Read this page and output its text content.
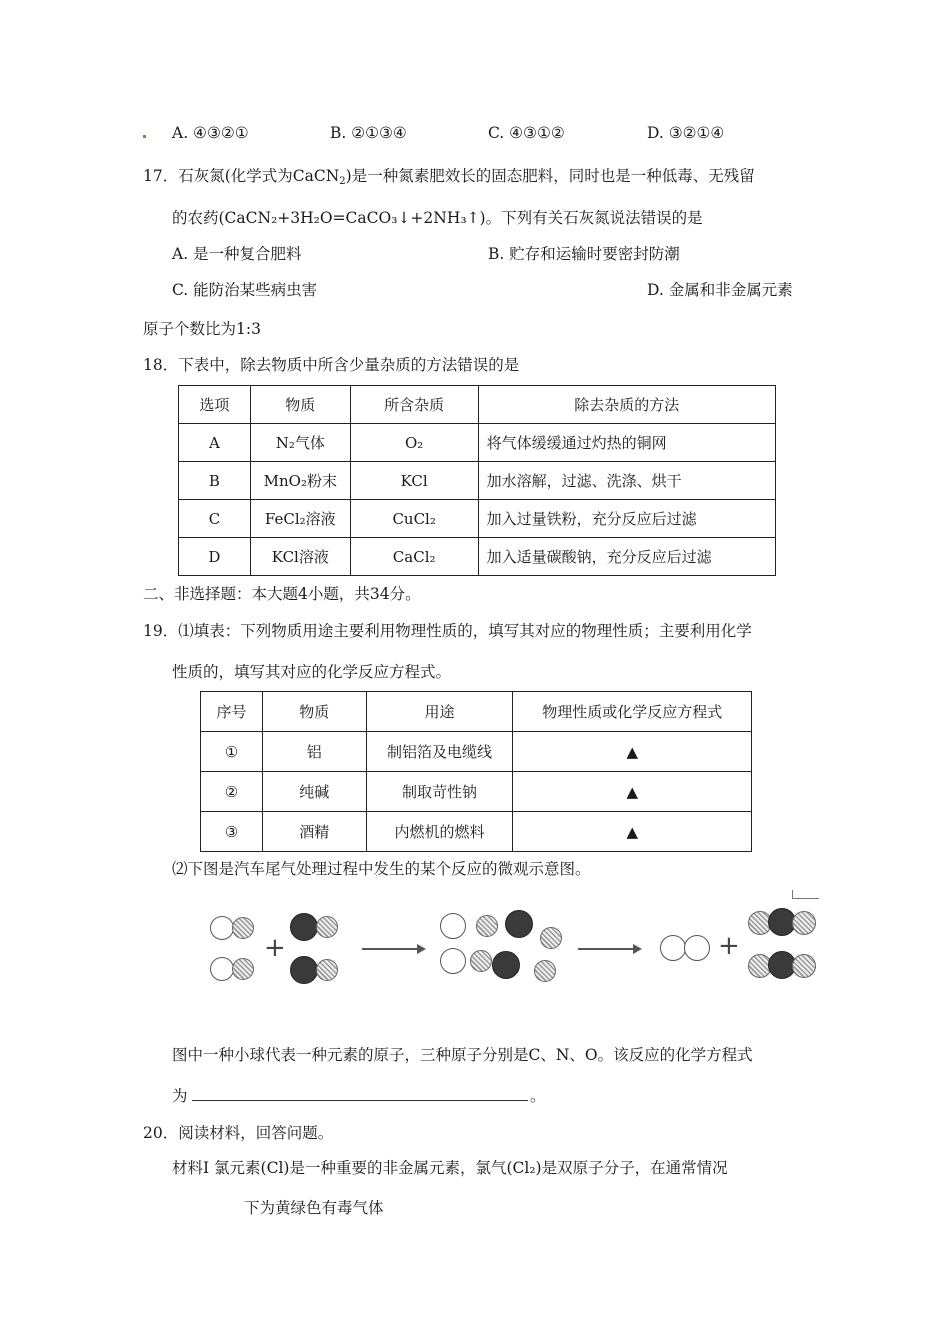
A. ④③②①	B. ②①③④	C. ④③①②	D. ③②①④
17．石灰氮(化学式为CaCN$_2$)是一种氮素肥效长的固态肥料，同时也是一种低毒、无残留
的农药(CaCN₂+3H₂O=CaCO₃↓+2NH₃↑)。下列有关石灰氮说法错误的是
A. 是一种复合肥料	B. 贮存和运输时要密封防潮
C. 能防治某些病虫害	D. 金属和非金属元素
原子个数比为1:3
18．下表中，除去物质中所含少量杂质的方法错误的是
选项	物质	所含杂质	除去杂质的方法
A	N₂气体	O₂	将气体缓缓通过灼热的铜网
B	MnO₂粉末	KCl	加水溶解，过滤、洗涤、烘干
C	FeCl₂溶液	CuCl₂	加入过量铁粉，充分反应后过滤
D	KCl溶液	CaCl₂	加入适量碳酸钠，充分反应后过滤
二、非选择题：本大题4小题，共34分。
19．⑴填表：下列物质用途主要利用物理性质的，填写其对应的物理性质；主要利用化学
性质的，填写其对应的化学反应方程式。
序号	物质	用途	物理性质或化学反应方程式
①	铝	制铝箔及电缆线	▲
②	纯碱	制取苛性钠	▲
③	酒精	内燃机的燃料	▲
⑵下图是汽车尾气处理过程中发生的某个反应的微观示意图。
+	+
图中一种小球代表一种元素的原子，三种原子分别是C、N、O。该反应的化学方程式
为	。
20．阅读材料，回答问题。
材料Ⅰ 氯元素(Cl)是一种重要的非金属元素，氯气(Cl₂)是双原子分子，在通常情况
下为黄绿色有毒气体
